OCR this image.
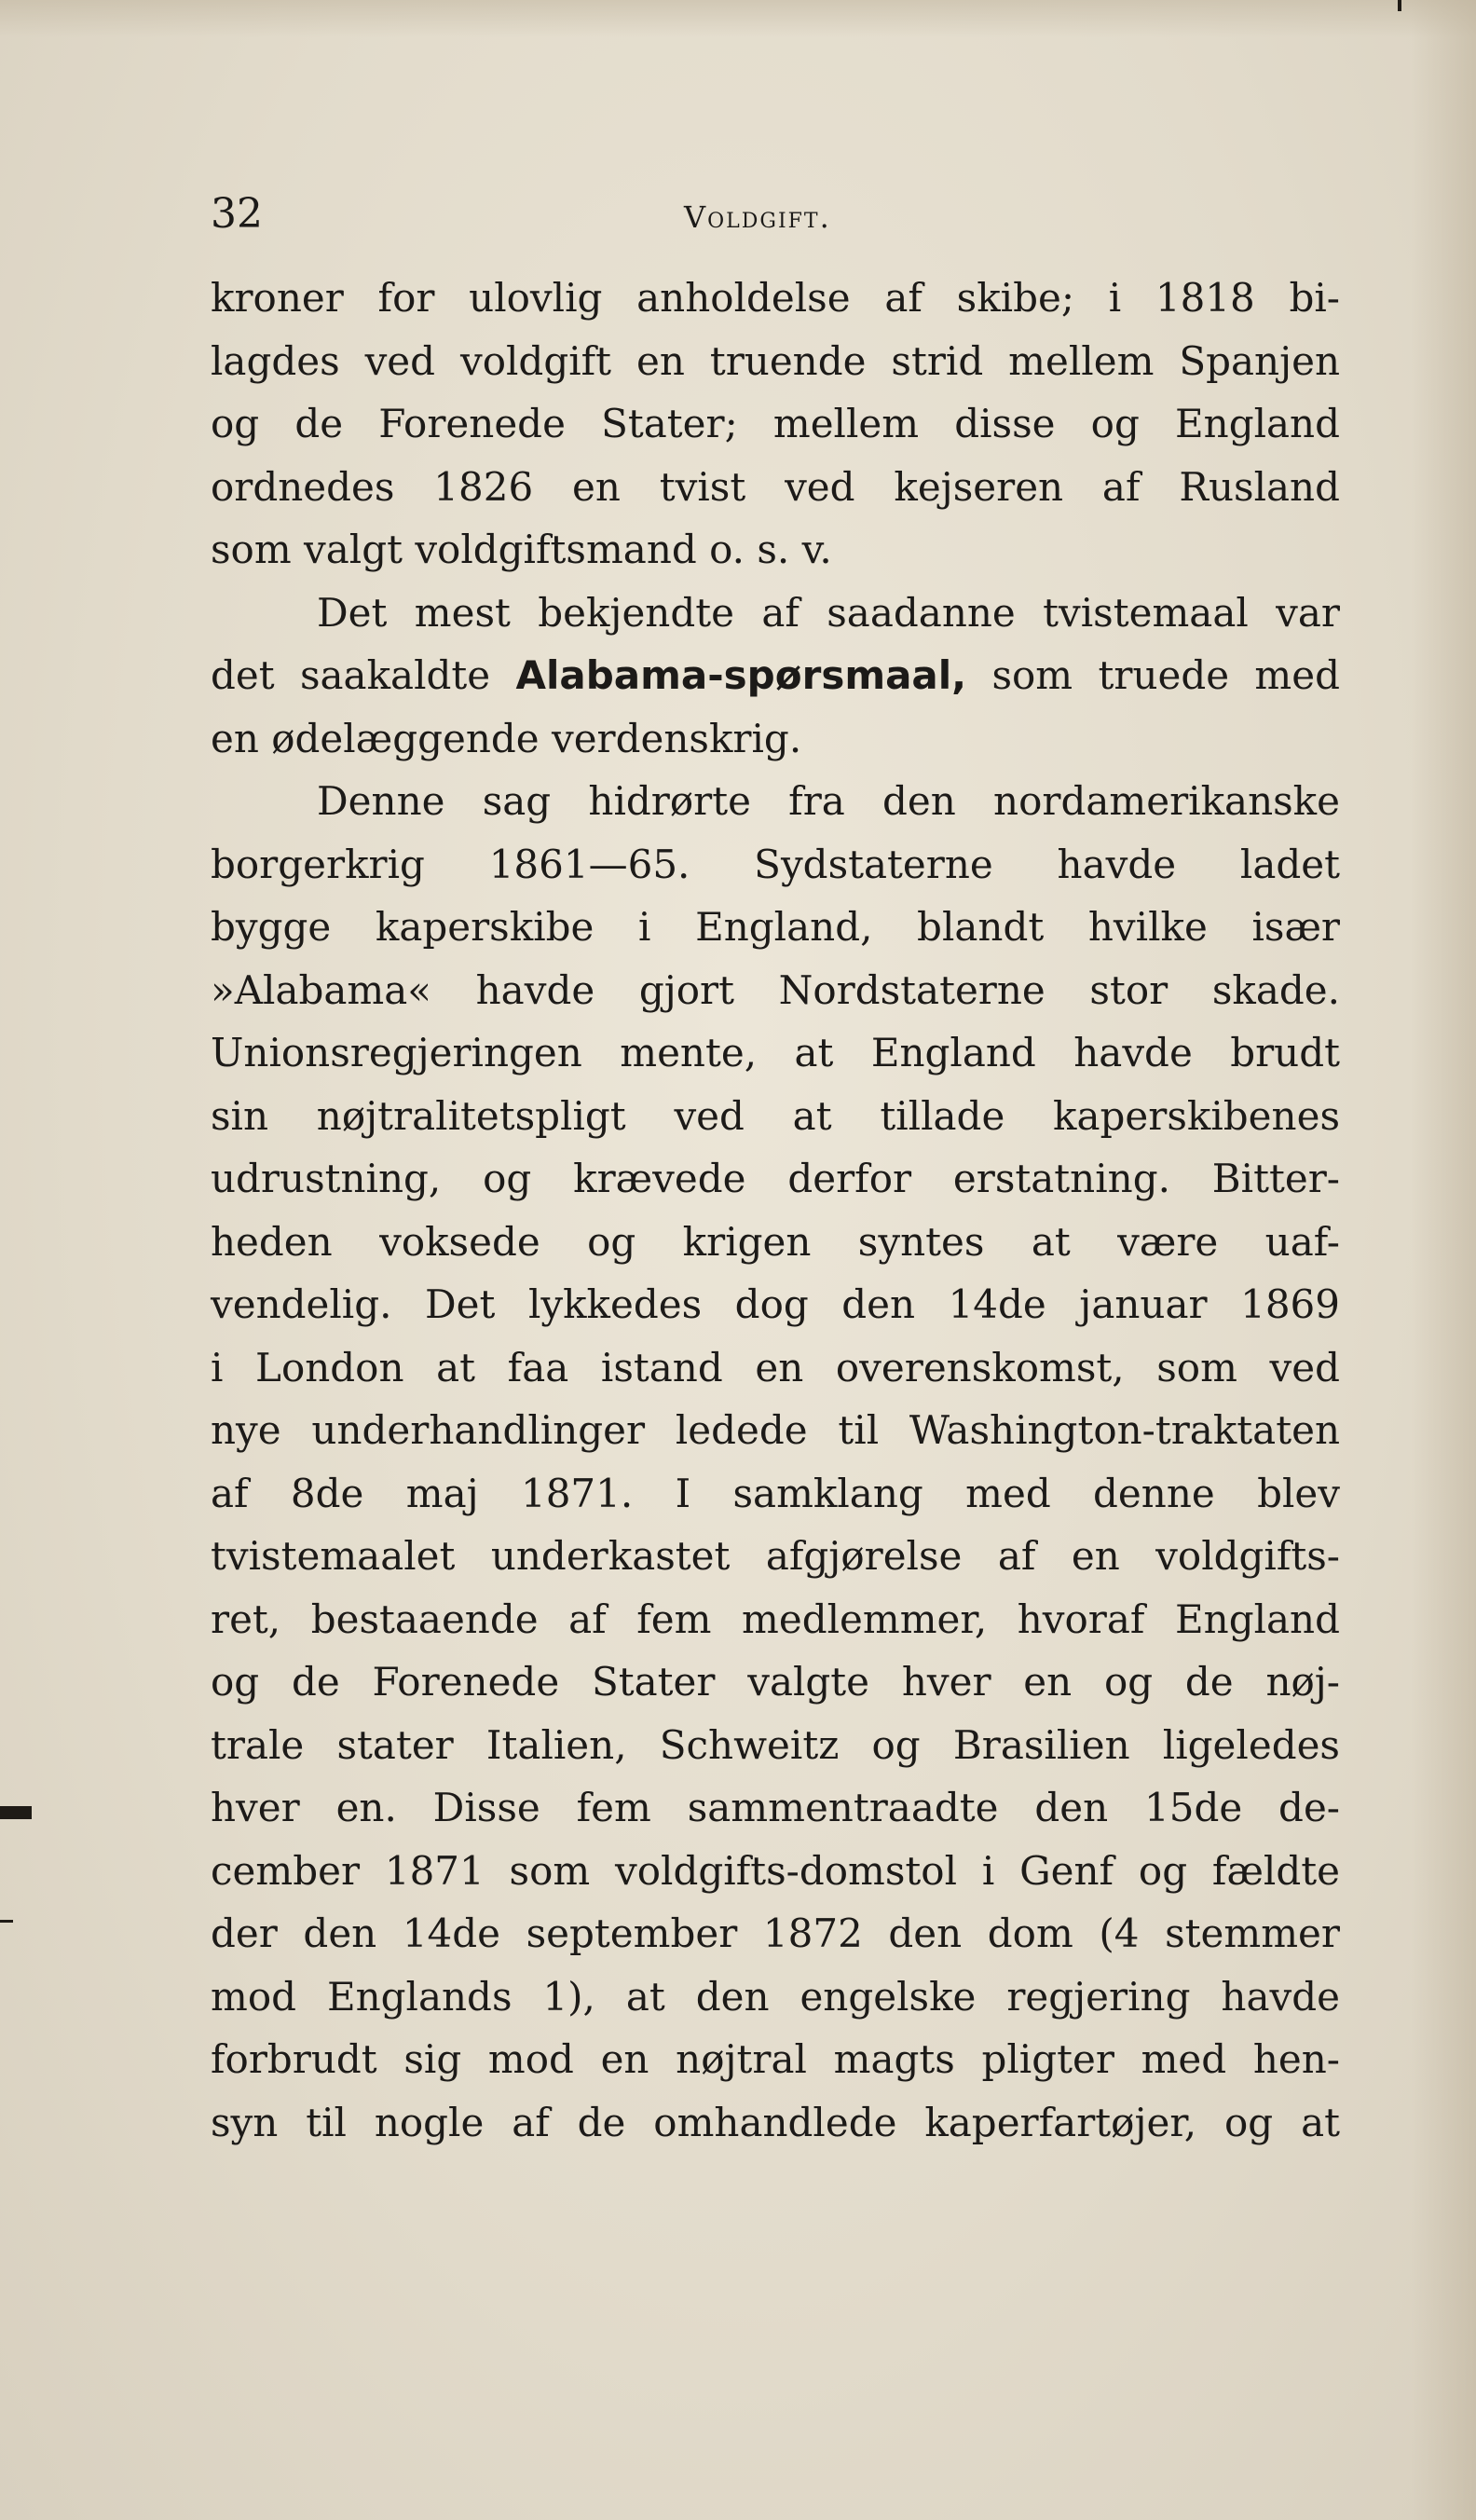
32	Voldgift.
kroner for ulovlig anholdelse af skibe; i 1818 bi-
lagdes ved voldgift en truende strid mellem Spanjen
og de Forenede Stater; mellem disse og England
ordnedes 1826 en tvist ved kejseren af Rusland
som valgt voldgiftsmand o. s. v.
Det mest bekjendte af saadanne tvistemaal var
det saakaldte Alabama-spørsmaal, som truede med
en ødelæggende verdenskrig.
Denne sag hidrørte fra den nordamerikanske
borgerkrig 1861—65. Sydstaterne havde ladet
bygge kaperskibe i England, blandt hvilke især
»Alabama« havde gjort Nordstaterne stor skade.
Unionsregjeringen mente, at England havde brudt
sin nøjtralitetspligt ved at tillade kaperskibenes
udrustning, og krævede derfor erstatning. Bitter-
heden voksede og krigen syntes at være uaf-
vendelig. Det lykkedes dog den 14de januar 1869
i London at faa istand en overenskomst, som ved
nye underhandlinger ledede til Washington-traktaten
af 8de maj 1871. I samklang med denne blev
tvistemaalet underkastet afgjørelse af en voldgifts-
ret, bestaaende af fem medlemmer, hvoraf England
og de Forenede Stater valgte hver en og de nøj-
trale stater Italien, Schweitz og Brasilien ligeledes
hver en. Disse fem sammentraadte den 15de de-
cember 1871 som voldgifts-domstol i Genf og fældte
der den 14de september 1872 den dom (4 stemmer
mod Englands 1), at den engelske regjering havde
forbrudt sig mod en nøjtral magts pligter med hen-
syn til nogle af de omhandlede kaperfartøjer, og at
